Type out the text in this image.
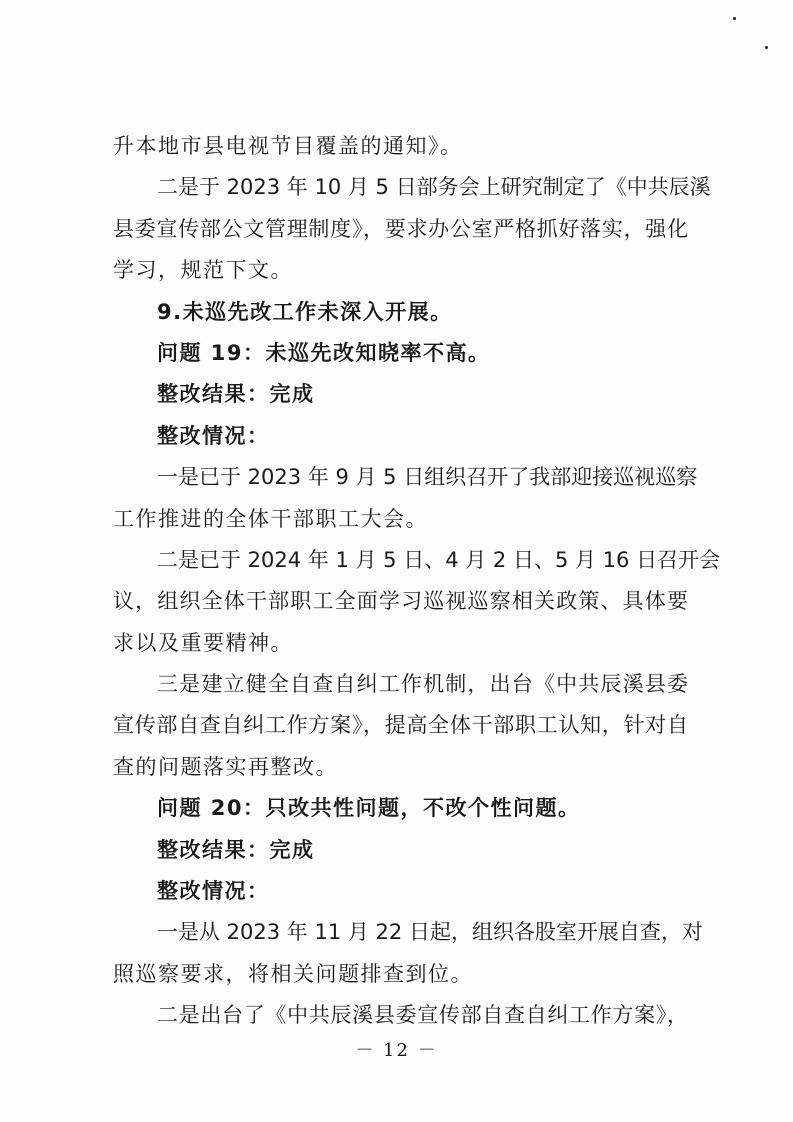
升本地市县电视节目覆盖的通知》。
二是于 2023 年 10 月 5 日部务会上研究制定了《中共辰溪
县委宣传部公文管理制度》，要求办公室严格抓好落实，强化
学习，规范下文。
9.未巡先改工作未深入开展。
问题 19：未巡先改知晓率不高。
整改结果：完成
整改情况：
一是已于 2023 年 9 月 5 日组织召开了我部迎接巡视巡察
工作推进的全体干部职工大会。
二是已于 2024 年 1 月 5 日、4 月 2 日、5 月 16 日召开会
议，组织全体干部职工全面学习巡视巡察相关政策、具体要
求以及重要精神。
三是建立健全自查自纠工作机制，出台《中共辰溪县委
宣传部自查自纠工作方案》，提高全体干部职工认知，针对自
查的问题落实再整改。
问题 20：只改共性问题，不改个性问题。
整改结果：完成
整改情况：
一是从 2023 年 11 月 22 日起，组织各股室开展自查，对
照巡察要求，将相关问题排查到位。
二是出台了《中共辰溪县委宣传部自查自纠工作方案》，
－ 12 －
